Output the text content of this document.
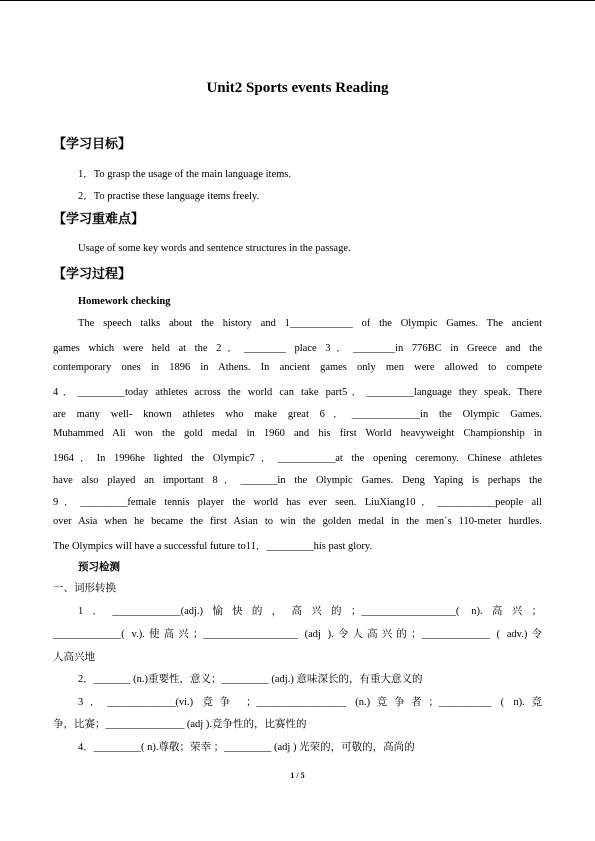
Unit2 Sports events Reading
【学习目标】
1．To grasp the usage of the main language items.
2．To practise these language items freely.
【学习重难点】
Usage of some key words and sentence structures in the passage.
【学习过程】
Homework checking
The speech talks about the history and 1____________ of the Olympic Games. The ancient
games which were held at the 2．________ place 3．________in 776BC in Greece and the
contemporary ones in 1896 in Athens. In ancient games only men were allowed to compete
4．_________today athletes across the world can take part5．_________language they speak. There
are many well- known athletes who make great 6．_____________in the Olympic Games.
Muhammed Ali won the gold medal in 1960 and his first World heavyweight Championship in
1964．In 1996he lighted the Olympic7．___________at the opening ceremony. Chinese athletes
have also played an important 8．_______in the Olympic Games. Deng Yaping is perhaps the
9．_________female tennis player the world has ever seen. LiuXiang10．___________people all
over Asia when he became the first Asian to win the golden medal in the men᾽s 110-meter hurdles.
The Olympics will have a successful future to11．_________his past glory.
预习检测
一、词形转换
1．_____________(adj.)愉快的，高兴的；__________________( n).高兴；
_____________( v.).使高兴；__________________ (adj ).令人高兴的；_____________ ( adv.)令
人高兴地
2．_______ (n.)重要性，意义；_________ (adj.) 意味深长的，有重大意义的
3．_____________(vi.) 竞争 ；_________________ (n.)竞争者；__________ ( n).竞
争，比赛；_______________ (adj ).竞争性的，比赛性的
4．_________( n).尊敬；荣幸 ；_________ (adj ) 光荣的，可敬的，高尚的
1 / 5
